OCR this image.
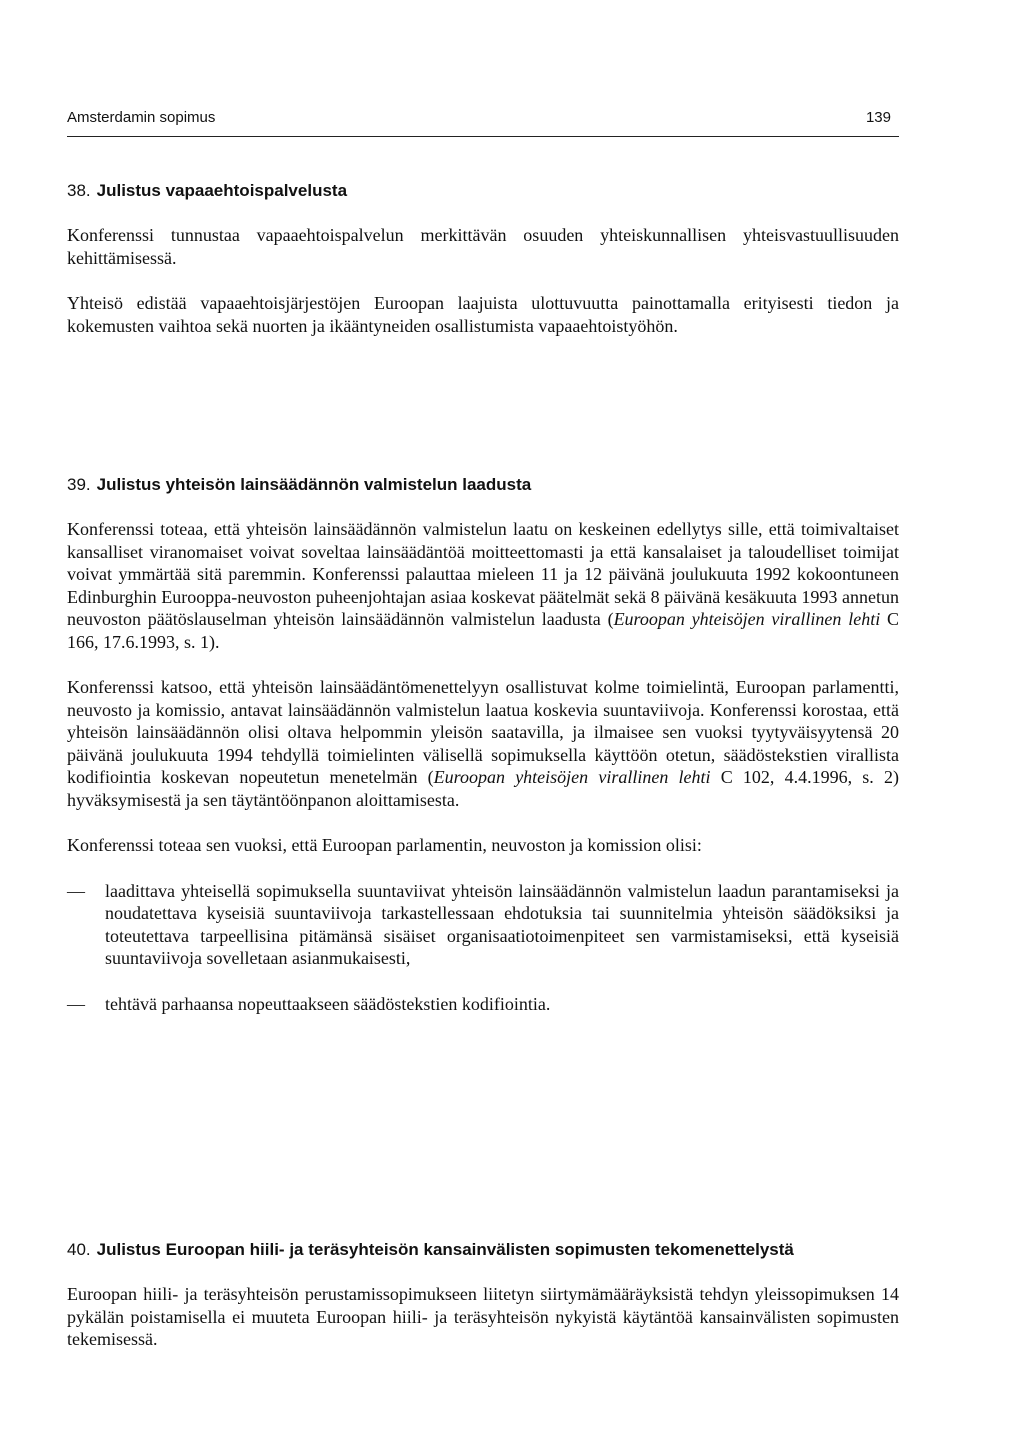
Amsterdamin sopimus	139
38. Julistus vapaaehtoispalvelusta

Konferenssi tunnustaa vapaaehtoispalvelun merkittävän osuuden yhteiskunnallisen yhteisvastuullisuuden kehittämisessä.

Yhteisö edistää vapaaehtoisjärjestöjen Euroopan laajuista ulottuvuutta painottamalla erityisesti tiedon ja kokemusten vaihtoa sekä nuorten ja ikääntyneiden osallistumista vapaaehtoistyöhön.

39. Julistus yhteisön lainsäädännön valmistelun laadusta

Konferenssi toteaa, että yhteisön lainsäädännön valmistelun laatu on keskeinen edellytys sille, että toimivaltaiset kansalliset viranomaiset voivat soveltaa lainsäädäntöä moitteettomasti ja että kansalaiset ja taloudelliset toimijat voivat ymmärtää sitä paremmin. Konferenssi palauttaa mieleen 11 ja 12 päivänä joulukuuta 1992 kokoontuneen Edinburghin Eurooppa-neuvoston puheenjohtajan asiaa koskevat päätelmät sekä 8 päivänä kesäkuuta 1993 annetun neuvoston päätöslauselman yhteisön lainsäädännön valmistelun laadusta (Euroopan yhteisöjen virallinen lehti C 166, 17.6.1993, s. 1).

Konferenssi katsoo, että yhteisön lainsäädäntömenettelyyn osallistuvat kolme toimielintä, Euroopan parlamentti, neuvosto ja komissio, antavat lainsäädännön valmistelun laatua koskevia suuntaviivoja. Konferenssi korostaa, että yhteisön lainsäädännön olisi oltava helpommin yleisön saatavilla, ja ilmaisee sen vuoksi tyytyväisyytensä 20 päivänä joulukuuta 1994 tehdyllä toimielinten välisellä sopimuksella käyttöön otetun, säädöstekstien virallista kodifiointia koskevan nopeutetun menetelmän (Euroopan yhteisöjen virallinen lehti C 102, 4.4.1996, s. 2) hyväksymisestä ja sen täytäntöönpanon aloittamisesta.

Konferenssi toteaa sen vuoksi, että Euroopan parlamentin, neuvoston ja komission olisi:

— laadittava yhteisellä sopimuksella suuntaviivat yhteisön lainsäädännön valmistelun laadun parantamiseksi ja noudatettava kyseisiä suuntaviivoja tarkastellessaan ehdotuksia tai suunnitelmia yhteisön säädöksiksi ja toteutettava tarpeellisina pitämänsä sisäiset organisaatiotoimenpiteet sen varmistamiseksi, että kyseisiä suuntaviivoja sovelletaan asianmukaisesti,
— tehtävä parhaansa nopeuttaakseen säädöstekstien kodifiointia.
40. Julistus Euroopan hiili- ja teräsyhteisön kansainvälisten sopimusten tekomenettelystä

Euroopan hiili- ja teräsyhteisön perustamissopimukseen liitetyn siirtymämääräyksistä tehdyn yleissopimuksen 14 pykälän poistamisella ei muuteta Euroopan hiili- ja teräsyhteisön nykyistä käytäntöä kansainvälisten sopimusten tekemisessä.
